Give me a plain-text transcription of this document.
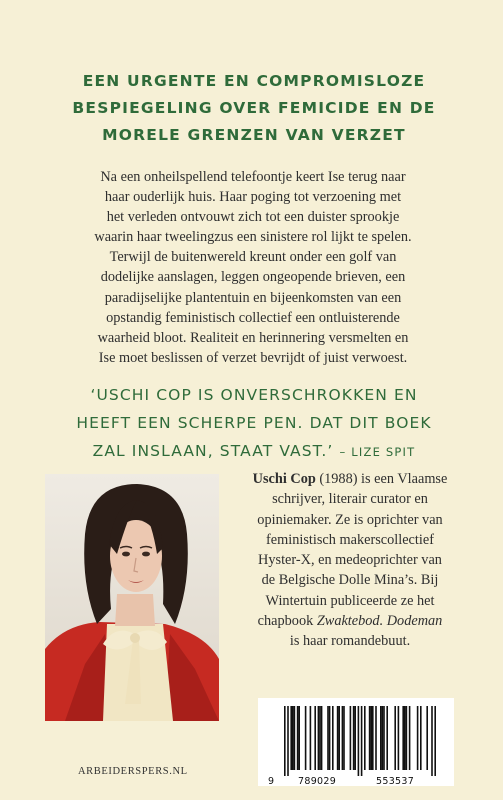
EEN URGENTE EN COMPROMISLOZE
BESPIEGELING OVER FEMICIDE EN DE
MORELE GRENZEN VAN VERZET

Na een onheilspellend telefoontje keert Ise terug naar
haar ouderlijk huis. Haar poging tot verzoening met
het verleden ontvouwt zich tot een duister sprookje
waarin haar tweelingzus een sinistere rol lijkt te spelen.
Terwijl de buitenwereld kreunt onder een golf van
dodelijke aanslagen, leggen ongeopende brieven, een
paradijselijke plantentuin en bijeenkomsten van een
opstandig feministisch collectief een ontluisterende
waarheid bloot. Realiteit en herinnering versmelten en
Ise moet beslissen of verzet bevrijdt of juist verwoest.

‘USCHI COP IS ONVERSCHROKKEN EN
HEEFT EEN SCHERPE PEN. DAT DIT BOEK
ZAL INSLAAN, STAAT VAST.’ – LIZE SPIT

Uschi Cop (1988) is een Vlaamse
schrijver, literair curator en
opiniemaker. Ze is oprichter van
feministisch makerscollectief
Hyster-X, en medeoprichter van
de Belgische Dolle Mina’s. Bij
Wintertuin publiceerde ze het
chapbook Zwaktebod. Dodeman
is haar romandebuut.

ARBEIDERSPERS.NL
9 789029	553537
